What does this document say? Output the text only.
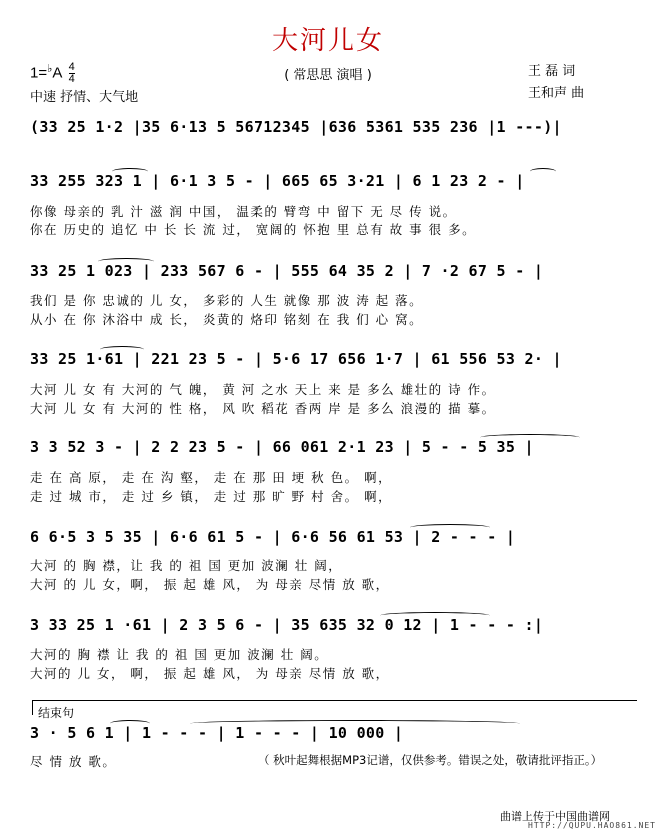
大河儿女
$1=^♭A \frac{4}{4}$
中速 抒情、大气地
( 常思思 演唱 )	王 磊 词
王和声 曲
(33 25 1·2 |35 6·13 5 56712345 |636 5361 535 236 |1 ---)|
33 255 323 1 | 6·1 3 5 - | 665 65 3·21 | 6 1 23 2 - |
你像 母亲的 乳 汁 滋 润 中国， 温柔的 臂弯 中 留下 无 尽 传 说。
你在 历史的 追忆 中 长 长 流 过， 宽阔的 怀抱 里 总有 故 事 很 多。
33 25 1 023 | 233 567 6 - | 555 64 35 2 | 7 ·2 67 5 - |
我们 是 你 忠诚的 儿 女， 多彩的 人生 就像 那 波 涛 起 落。
从小 在 你 沐浴中 成 长， 炎黄的 烙印 铭刻 在 我 们 心 窝。
33 25 1·61 | 221 23 5 - | 5·6 17 656 1·7 | 61 556 53 2· |
大河 儿 女 有 大河的 气 魄， 黄 河 之水 天上 来 是 多么 雄壮的 诗 作。
大河 儿 女 有 大河的 性 格， 风 吹 稻花 香两 岸 是 多么 浪漫的 描 摹。
3 3 52 3 - | 2 2 23 5 - | 66 061 2·1 23 | 5 - - 5 35 |
走 在 高 原， 走 在 沟 壑， 走 在 那 田 埂 秋 色。 啊，
走 过 城 市， 走 过 乡 镇， 走 过 那 旷 野 村 舍。 啊，
6 6·5 3 5 35 | 6·6 61 5 - | 6·6 56 61 53 | 2 - - - |
大河 的 胸 襟，让 我 的 祖 国 更加 波澜 壮 阔，
大河 的 儿 女，啊， 振 起 雄 风， 为 母亲 尽情 放 歌，
3 33 25 1 ·61 | 2 3 5 6 - | 35 635 32 0 12 | 1 - - - :|
大河的 胸 襟 让 我 的 祖 国 更加 波澜 壮 阔。
大河的 儿 女， 啊， 振 起 雄 风， 为 母亲 尽情 放 歌，
结束句
3 · 5 6 1 | 1 - - - | 1 - - - | 10 000 |
尽 情 放 歌。	（ 秋叶起舞根据MP3记谱，仅供参考。错误之处，敬请批评指正。）
曲谱上传于中国曲谱网
HTTP://QUPU.HAO861.NET
